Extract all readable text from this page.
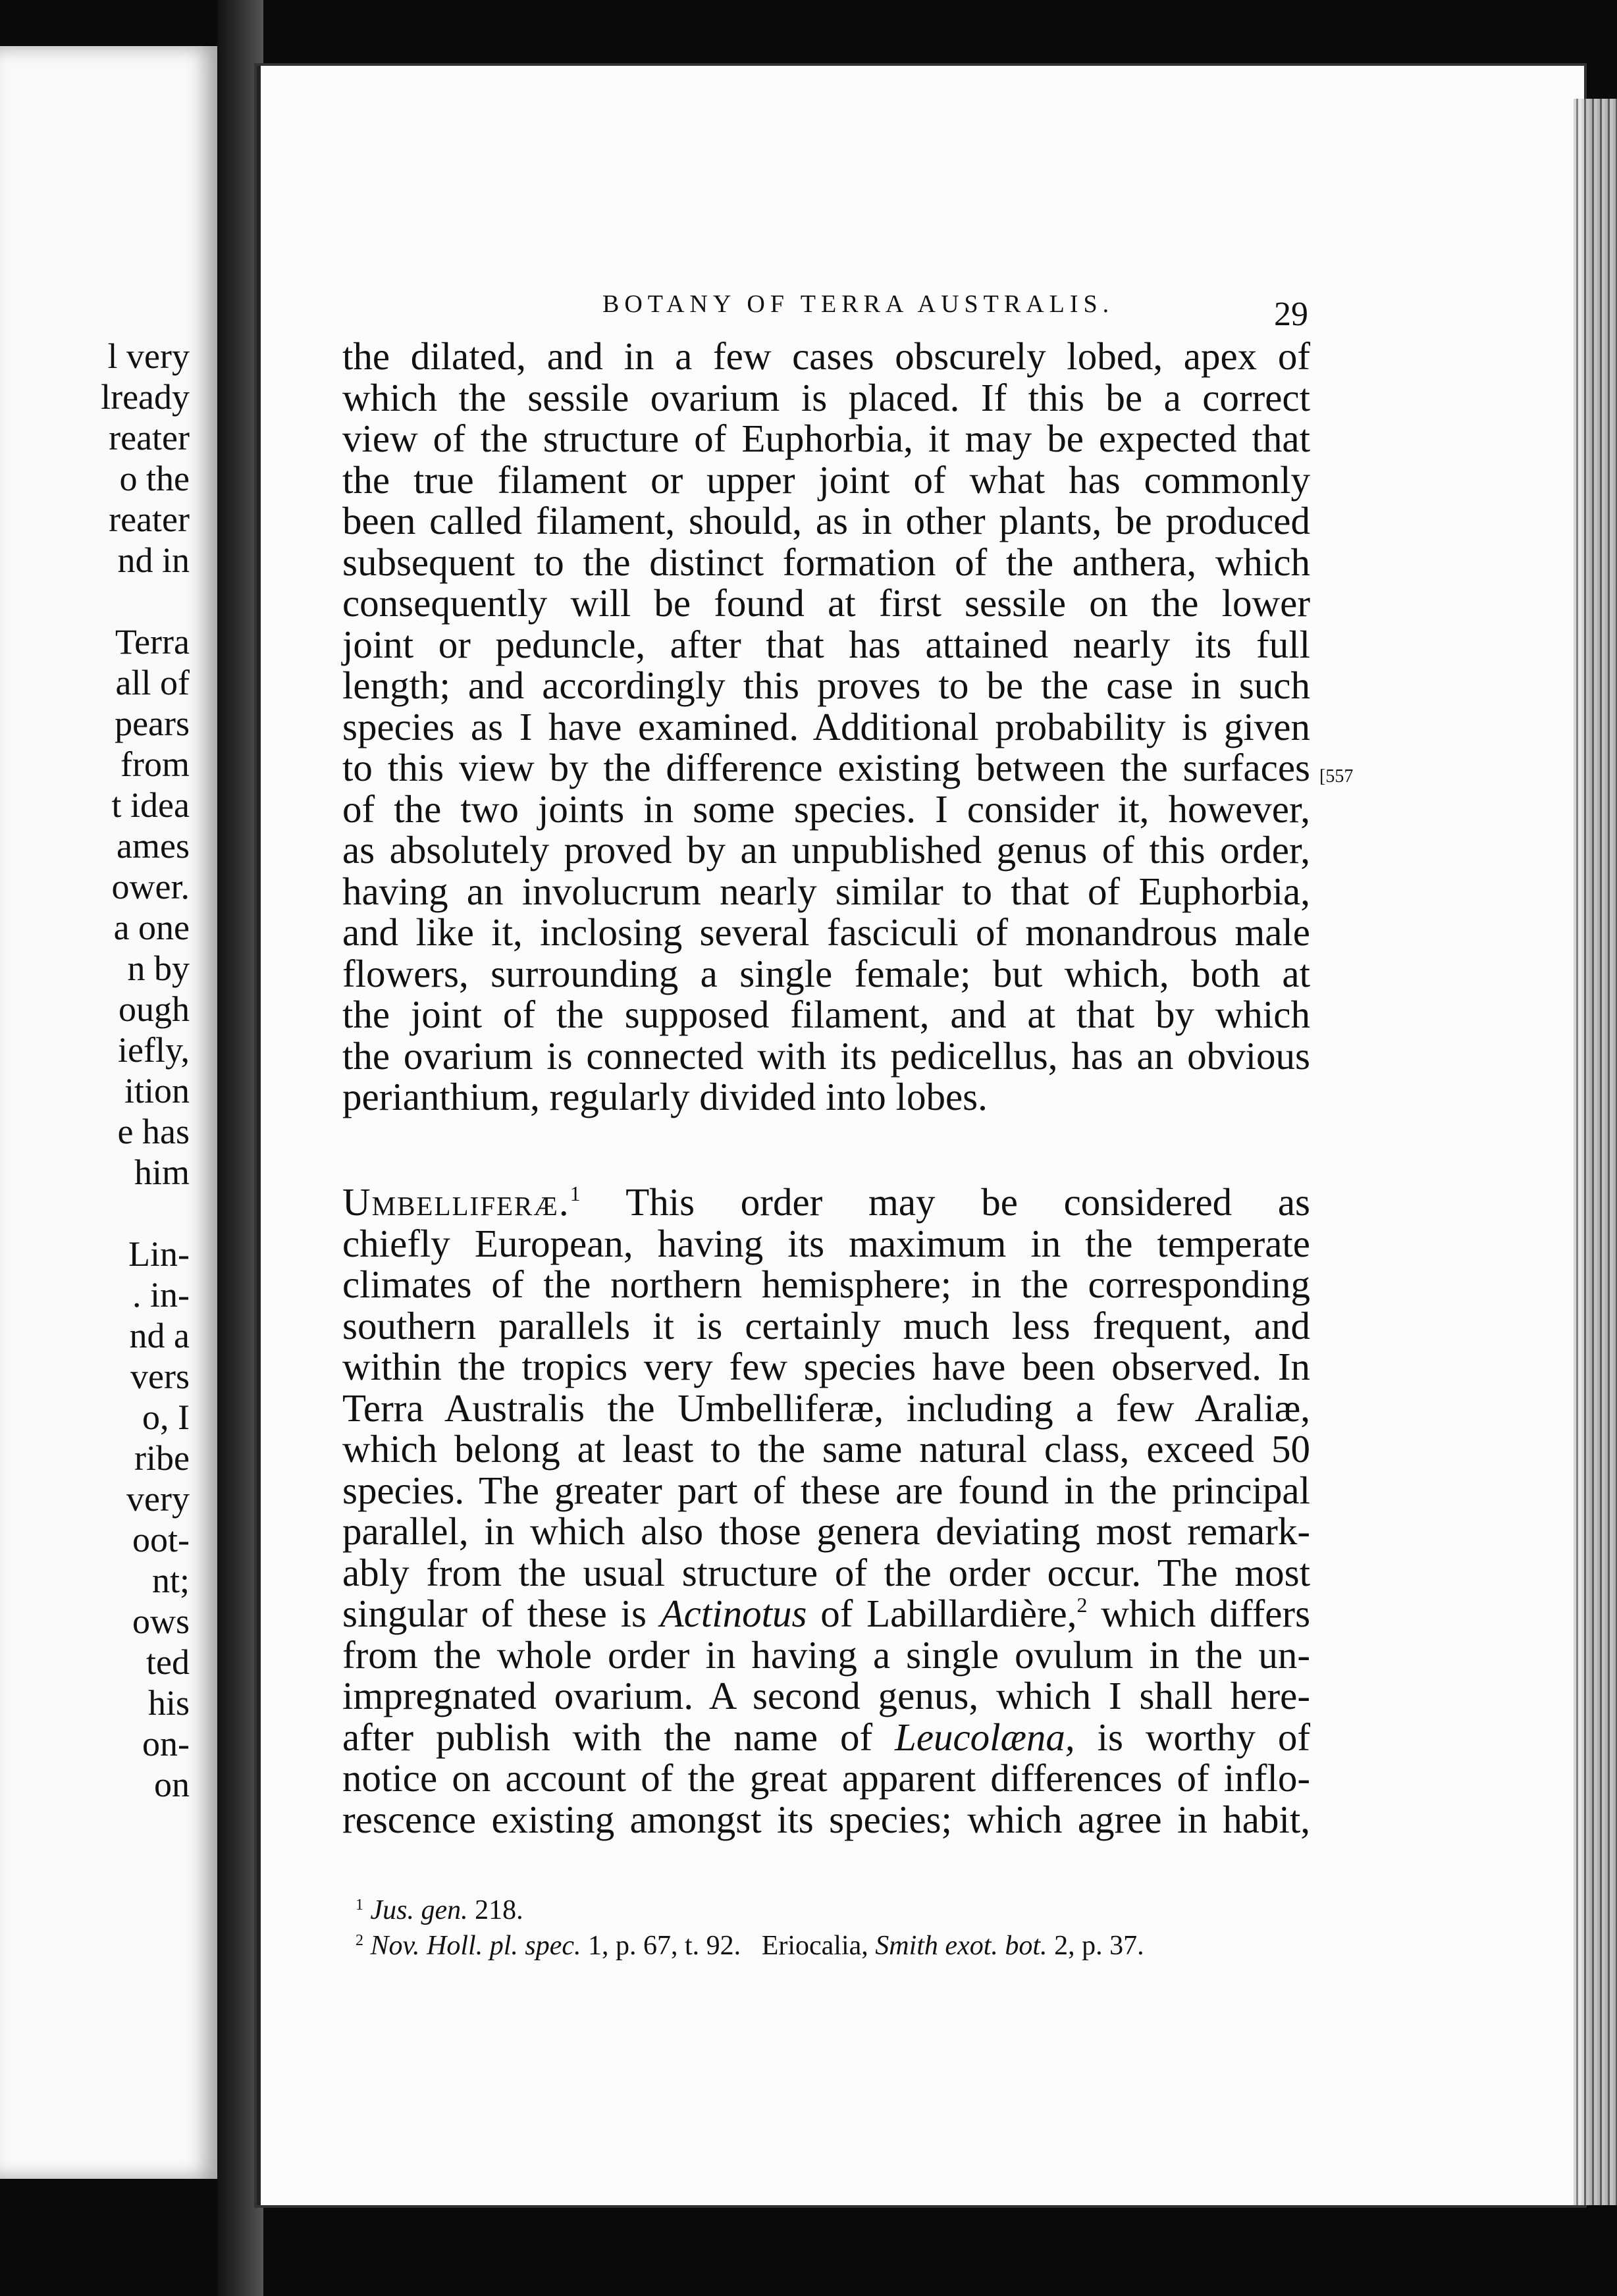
l very
lready
reater
o the
reater
nd in
Terra
all of
pears
from
t idea
ames
ower.
a one
n by
ough
iefly,
ition
e has
him
Lin-
. in-
nd a
vers
o, I
ribe
very
oot-
nt;
ows
ted
his
on-
on
BOTANY OF TERRA AUSTRALIS.	29
the dilated, and in a few cases obscurely lobed, apex of
which the sessile ovarium is placed. If this be a correct
view of the structure of Euphorbia, it may be expected that
the true filament or upper joint of what has commonly
been called filament, should, as in other plants, be produced
subsequent to the distinct formation of the anthera, which
consequently will be found at first sessile on the lower
joint or peduncle, after that has attained nearly its full
length; and accordingly this proves to be the case in such
species as I have examined. Additional probability is given
to this view by the difference existing between the surfaces
of the two joints in some species. I consider it, however,
as absolutely proved by an unpublished genus of this order,
having an involucrum nearly similar to that of Euphorbia,
and like it, inclosing several fasciculi of monandrous male
flowers, surrounding a single female; but which, both at
the joint of the supposed filament, and at that by which
the ovarium is connected with its pedicellus, has an obvious
perianthium, regularly divided into lobes.
[557
Umbelliferæ.$^1$ This order may be considered as
chiefly European, having its maximum in the temperate
climates of the northern hemisphere; in the corresponding
southern parallels it is certainly much less frequent, and
within the tropics very few species have been observed. In
Terra Australis the Umbelliferæ, including a few Araliæ,
which belong at least to the same natural class, exceed 50
species. The greater part of these are found in the principal
parallel, in which also those genera deviating most remark-
ably from the usual structure of the order occur. The most
singular of these is Actinotus of Labillardière,$^2$ which differs
from the whole order in having a single ovulum in the un-
impregnated ovarium. A second genus, which I shall here-
after publish with the name of Leucolæna, is worthy of
notice on account of the great apparent differences of inflo-
rescence existing amongst its species; which agree in habit,
$^1$ Jus. gen. 218.
$^2$ Nov. Holl. pl. spec. 1, p. 67, t. 92. Eriocalia, Smith exot. bot. 2, p. 37.
